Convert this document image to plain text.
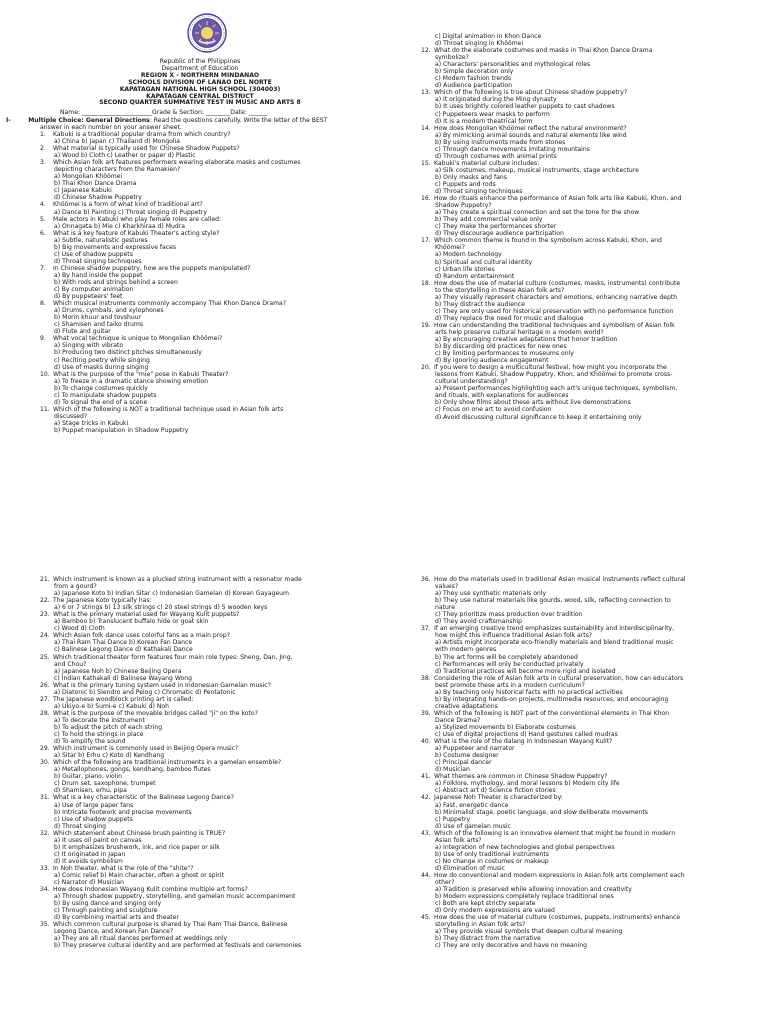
Republic of the Philippines
Department of Education
REGION X - NORTHERN MINDANAO
SCHOOLS DIVISION OF LANAO DEL NORTE
KAPATAGAN NATIONAL HIGH SCHOOL (304003)
KAPATAGAN CENTRAL DISTRICT
SECOND QUARTER SUMMATIVE TEST IN MUSIC AND ARTS 8
Name: _______________________Grade & Section: ________Date: ______
I-	Multiple Choice: General Directions: Read the questions carefully. Write the letter of the BEST
answer in each number on your answer sheet.
1. Kabuki is a traditional popular drama from which country?
a) China b) Japan c) Thailand d) Mongolia
2. What material is typically used for Chinese Shadow Puppets?
a) Wood b) Cloth c) Leather or paper d) Plastic
3. Which Asian folk art features performers wearing elaborate masks and costumes
depicting characters from the Ramakien?
a) Mongolian Khöömei
b) Thai Khon Dance Drama
c) Japanese Kabuki
d) Chinese Shadow Puppetry
4. Khöömei is a form of what kind of traditional art?
a) Dance b) Painting c) Throat singing d) Puppetry
5. Male actors in Kabuki who play female roles are called:
a) Onnagata b) Mie c) Kharkhiraa d) Mudra
6. What is a key feature of Kabuki Theater's acting style?
a) Subtle, naturalistic gestures
b) Big movements and expressive faces
c) Use of shadow puppets
d) Throat singing techniques
7. In Chinese shadow puppetry, how are the puppets manipulated?
a) By hand inside the puppet
b) With rods and strings behind a screen
c) By computer animation
d) By puppeteers' feet
8. Which musical instruments commonly accompany Thai Khon Dance Drama?
a) Drums, cymbals, and xylophones
b) Morin khuur and tovshuur
c) Shamisen and taiko drums
d) Flute and guitar
9. What vocal technique is unique to Mongolian Khöömei?
a) Singing with vibrato
b) Producing two distinct pitches simultaneously
c) Reciting poetry while singing
d) Use of masks during singing
10. What is the purpose of the "mie" pose in Kabuki Theater?
a) To freeze in a dramatic stance showing emotion
b) To change costumes quickly
c) To manipulate shadow puppets
d) To signal the end of a scene
11. Which of the following is NOT a traditional technique used in Asian folk arts
discussed?
a) Stage tricks in Kabuki
b) Puppet manipulation in Shadow Puppetry
c) Digital animation in Khon Dance
d) Throat singing in Khöömei
12. What do the elaborate costumes and masks in Thai Khon Dance Drama
symbolize?
a) Characters' personalities and mythological roles
b) Simple decoration only
c) Modern fashion trends
d) Audience participation
13. Which of the following is true about Chinese shadow puppetry?
a) It originated during the Ming dynasty
b) It uses brightly colored leather puppets to cast shadows
c) Puppeteers wear masks to perform
d) It is a modern theatrical form
14. How does Mongolian Khöömei reflect the natural environment?
a) By mimicking animal sounds and natural elements like wind
b) By using instruments made from stones
c) Through dance movements imitating mountains
d) Through costumes with animal prints
15. Kabuki's material culture includes:
a) Silk costumes, makeup, musical instruments, stage architecture
b) Only masks and fans
c) Puppets and rods
d) Throat singing techniques
16. How do rituals enhance the performance of Asian folk arts like Kabuki, Khon, and
Shadow Puppetry?
a) They create a spiritual connection and set the tone for the show
b) They add commercial value only
c) They make the performances shorter
d) They discourage audience participation
17. Which common theme is found in the symbolism across Kabuki, Khon, and
Khöömei?
a) Modern technology
b) Spiritual and cultural identity
c) Urban life stories
d) Random entertainment
18. How does the use of material culture (costumes, masks, instruments) contribute
to the storytelling in these Asian folk arts?
a) They visually represent characters and emotions, enhancing narrative depth
b) They distract the audience
c) They are only used for historical preservation with no performance function
d) They replace the need for music and dialogue
19. How can understanding the traditional techniques and symbolism of Asian folk
arts help preserve cultural heritage in a modern world?
a) By encouraging creative adaptations that honor tradition
b) By discarding old practices for new ones
c) By limiting performances to museums only
d) By ignoring audience engagement
20. If you were to design a multicultural festival, how might you incorporate the
lessons from Kabuki, Shadow Puppetry, Khon, and Khöömei to promote cross-
cultural understanding?
a) Present performances highlighting each art's unique techniques, symbolism,
and rituals, with explanations for audiences
b) Only show films about these arts without live demonstrations
c) Focus on one art to avoid confusion
d) Avoid discussing cultural significance to keep it entertaining only
21. Which instrument is known as a plucked string instrument with a resonator made
from a gourd?
a) Japanese Koto b) Indian Sitar c) Indonesian Gamelan d) Korean Gayageum
22. The Japanese Koto typically has:
a) 6 or 7 strings b) 13 silk strings c) 20 steel strings d) 5 wooden keys
23. What is the primary material used for Wayang Kulit puppets?
a) Bamboo b) Translucent buffalo hide or goat skin
c) Wood d) Cloth
24. Which Asian folk dance uses colorful fans as a main prop?
a) Thai Ram Thai Dance b) Korean Fan Dance
c) Balinese Legong Dance d) Kathakali Dance
25. Which traditional theater form features four main role types: Sheng, Dan, Jing,
and Chou?
a) Japanese Noh b) Chinese Beijing Opera
c) Indian Kathakali d) Balinese Wayang Wong
26. What is the primary tuning system used in Indonesian Gamelan music?
a) Diatonic b) Slendro and Pelog c) Chromatic d) Pentatonic
27. The Japanese woodblock printing art is called:
a) Ukiyo-e b) Sumi-e c) Kabuki d) Noh
28. What is the purpose of the movable bridges called "ji" on the koto?
a) To decorate the instrument
b) To adjust the pitch of each string
c) To hold the strings in place
d) To amplify the sound
29. Which instrument is commonly used in Beijing Opera music?
a) Sitar b) Erhu c) Koto d) Kendhang
30. Which of the following are traditional instruments in a gamelan ensemble?
a) Metallophones, gongs, kendhang, bamboo flutes
b) Guitar, piano, violin
c) Drum set, saxophone, trumpet
d) Shamisen, erhu, pipa
31. What is a key characteristic of the Balinese Legong Dance?
a) Use of large paper fans
b) Intricate footwork and precise movements
c) Use of shadow puppets
d) Throat singing
32. Which statement about Chinese brush painting is TRUE?
a) It uses oil paint on canvas
b) It emphasizes brushwork, ink, and rice paper or silk
c) It originated in Japan
d) It avoids symbolism
33. In Noh theater, what is the role of the "shite"?
a) Comic relief b) Main character, often a ghost or spirit
c) Narrator d) Musician
34. How does Indonesian Wayang Kulit combine multiple art forms?
a) Through shadow puppetry, storytelling, and gamelan music accompaniment
b) By using dance and singing only
c) Through painting and sculpture
d) By combining martial arts and theater
35. Which common cultural purpose is shared by Thai Ram Thai Dance, Balinese
Legong Dance, and Korean Fan Dance?
a) They are all ritual dances performed at weddings only
b) They preserve cultural identity and are performed at festivals and ceremonies
36. How do the materials used in traditional Asian musical instruments reflect cultural
values?
a) They use synthetic materials only
b) They use natural materials like gourds, wood, silk, reflecting connection to
nature
c) They prioritize mass production over tradition
d) They avoid craftsmanship
37. If an emerging creative trend emphasizes sustainability and interdisciplinarity,
how might this influence traditional Asian folk arts?
a) Artists might incorporate eco-friendly materials and blend traditional music
with modern genres
b) The art forms will be completely abandoned
c) Performances will only be conducted privately
d) Traditional practices will become more rigid and isolated
38. Considering the role of Asian folk arts in cultural preservation, how can educators
best promote these arts in a modern curriculum?
a) By teaching only historical facts with no practical activities
b) By integrating hands-on projects, multimedia resources, and encouraging
creative adaptations
39. Which of the following is NOT part of the conventional elements in Thai Khon
Dance Drama?
a) Stylized movements b) Elaborate costumes
c) Use of digital projections d) Hand gestures called mudras
40. What is the role of the dalang in Indonesian Wayang Kulit?
a) Puppeteer and narrator
b) Costume designer
c) Principal dancer
d) Musician
41. What themes are common in Chinese Shadow Puppetry?
a) Folklore, mythology, and moral lessons b) Modern city life
c) Abstract art d) Science fiction stories
42. Japanese Noh Theater is characterized by:
a) Fast, energetic dance
b) Minimalist stage, poetic language, and slow deliberate movements
c) Puppetry
d) Use of gamelan music
43. Which of the following is an innovative element that might be found in modern
Asian folk arts?
a) Integration of new technologies and global perspectives
b) Use of only traditional instruments
c) No change in costumes or makeup
d) Elimination of music
44. How do conventional and modern expressions in Asian folk arts complement each
other?
a) Tradition is preserved while allowing innovation and creativity
b) Modern expressions completely replace traditional ones
c) Both are kept strictly separate
d) Only modern expressions are valued
45. How does the use of material culture (costumes, puppets, instruments) enhance
storytelling in Asian folk arts?
a) They provide visual symbols that deepen cultural meaning
b) They distract from the narrative
c) They are only decorative and have no meaning
